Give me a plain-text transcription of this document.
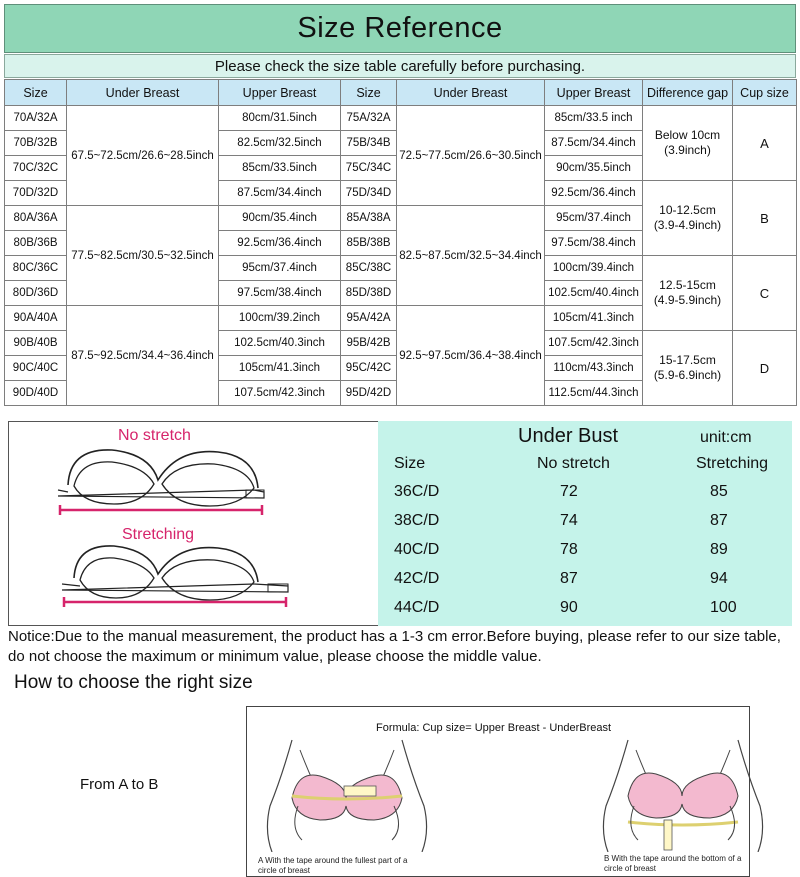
Size Reference
Please check the size table carefully before purchasing.
Size	Under Breast	Upper Breast	Size	Under Breast	Upper Breast	Difference gap	Cup size
70A/32A	67.5~72.5cm/26.6~28.5inch	80cm/31.5inch	75A/32A	72.5~77.5cm/26.6~30.5inch	85cm/33.5 inch	Below 10cm
(3.9inch)	A
70B/32B		82.5cm/32.5inch	75B/34B		87.5cm/34.4inch		
70C/32C		85cm/33.5inch	75C/34C		90cm/35.5inch		
70D/32D		87.5cm/34.4inch	75D/34D		92.5cm/36.4inch	10-12.5cm
(3.9-4.9inch)	B
80A/36A	77.5~82.5cm/30.5~32.5inch	90cm/35.4inch	85A/38A	82.5~87.5cm/32.5~34.4inch	95cm/37.4inch		
80B/36B		92.5cm/36.4inch	85B/38B		97.5cm/38.4inch		
80C/36C		95cm/37.4inch	85C/38C		100cm/39.4inch	12.5-15cm
(4.9-5.9inch)	C
80D/36D		97.5cm/38.4inch	85D/38D		102.5cm/40.4inch		
90A/40A	87.5~92.5cm/34.4~36.4inch	100cm/39.2inch	95A/42A	92.5~97.5cm/36.4~38.4inch	105cm/41.3inch		
90B/40B		102.5cm/40.3inch	95B/42B		107.5cm/42.3inch	15-17.5cm
(5.9-6.9inch)	D
90C/40C		105cm/41.3inch	95C/42C		110cm/43.3inch		
90D/40D		107.5cm/42.3inch	95D/42D		112.5cm/44.3inch		
No stretch
Stretching
Under Bust	unit:cm
Size	No stretch	Stretching
36C/D	72	85
38C/D	74	87
40C/D	78	89
42C/D	87	94
44C/D	90	100
Notice:Due to the manual measurement, the product has a 1-3 cm error.Before buying, please refer to our size table, do not choose the maximum or minimum value, please choose the middle value.
How to choose the right size
From A to B
Formula: Cup size= Upper Breast - UnderBreast
A With the tape around the fullest part of a circle of breast
B With the tape around the bottom of a circle of breast
